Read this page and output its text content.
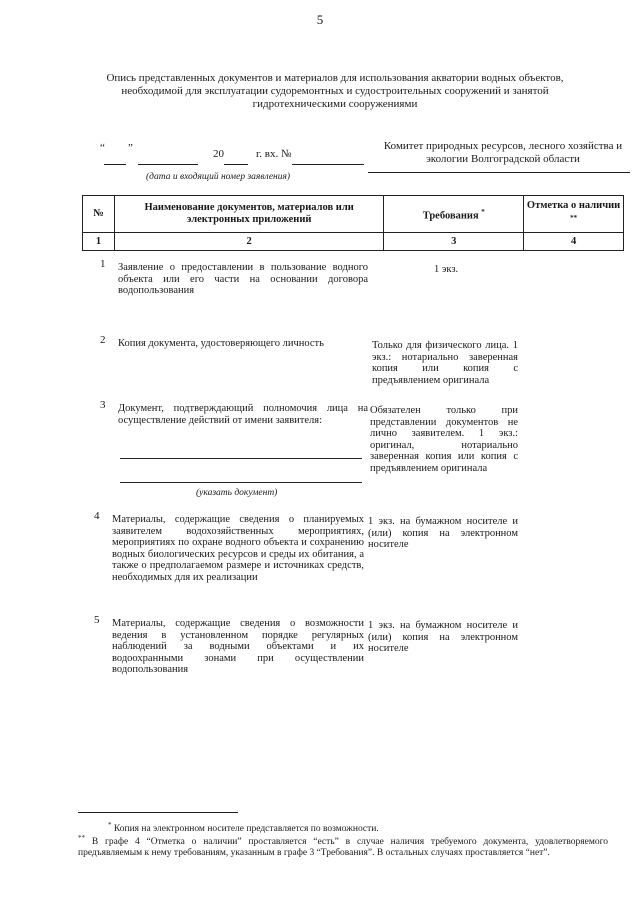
5
Опись представленных документов и материалов для использования акватории водных объектов, необходимой для эксплуатации судоремонтных и судостроительных сооружений и занятой гидротехническими сооружениями
“ ”	20	г. вх. №
(дата и входящий номер заявления)
Комитет природных ресурсов, лесного хозяйства и экологии Волгоградской области
№	Наименование документов, материалов или электронных приложений	Требования *	Отметка о наличии **
1	2	3	4
1 Заявление о предоставлении в пользование водного объекта или его части на основании договора водопользования
1 экз.
2 Копия документа, удостоверяющего личность	Только для физического лица. 1 экз.: нотариально заверенная копия или копия с предъявлением оригинала
3 Документ, подтверждающий полномочия лица на осуществление действий от имени заявителя:
(указать документ)
Обязателен только при представлении документов не лично заявителем. 1 экз.: оригинал, нотариально заверенная копия или копия с предъявлением оригинала
4 Материалы, содержащие сведения о планируемых заявителем водохозяйственных мероприятиях, мероприятиях по охране водного объекта и сохранению водных биологических ресурсов и среды их обитания, а также о предполагаемом размере и источниках средств, необходимых для их реализации
1 экз. на бумажном носителе и (или) копия на электронном носителе
5 Материалы, содержащие сведения о возможности ведения в установленном порядке регулярных наблюдений за водными объектами и их водоохранными зонами при осуществлении водопользования
1 экз. на бумажном носителе и (или) копия на электронном носителе
* Копия на электронном носителе представляется по возможности.
** В графе 4 “Отметка о наличии” проставляется “есть” в случае наличия требуемого документа, удовлетворяемого предъявляемым к нему требованиям, указанным в графе 3 “Требования”. В остальных случаях проставляется “нет”.
